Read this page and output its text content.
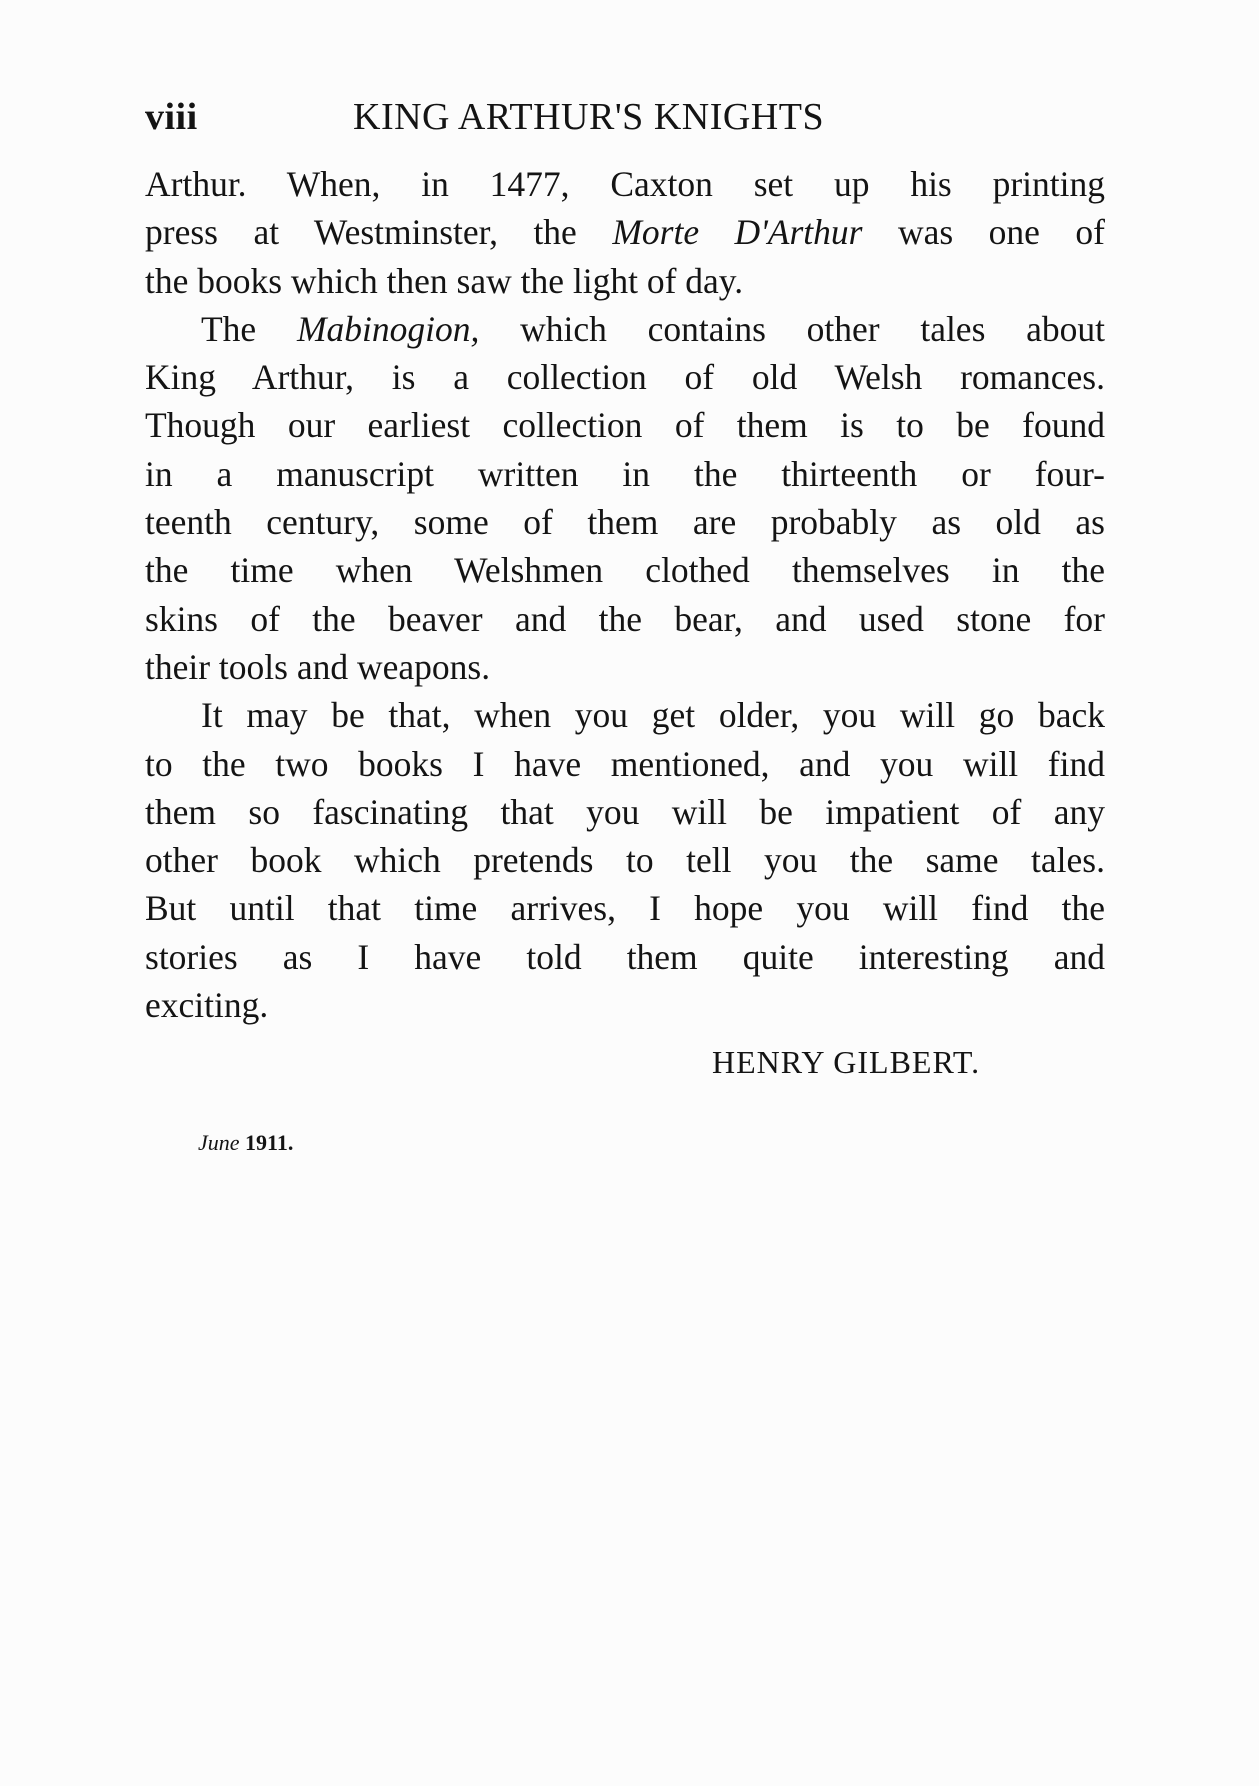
viii	KING ARTHUR'S KNIGHTS
Arthur. When, in 1477, Caxton set up his printing
press at Westminster, the Morte D'Arthur was one of
the books which then saw the light of day.
The Mabinogion, which contains other tales about
King Arthur, is a collection of old Welsh romances.
Though our earliest collection of them is to be found
in a manuscript written in the thirteenth or four-
teenth century, some of them are probably as old as
the time when Welshmen clothed themselves in the
skins of the beaver and the bear, and used stone for
their tools and weapons.
It may be that, when you get older, you will go back
to the two books I have mentioned, and you will find
them so fascinating that you will be impatient of any
other book which pretends to tell you the same tales.
But until that time arrives, I hope you will find the
stories as I have told them quite interesting and
exciting.
HENRY GILBERT.
June 1911.
